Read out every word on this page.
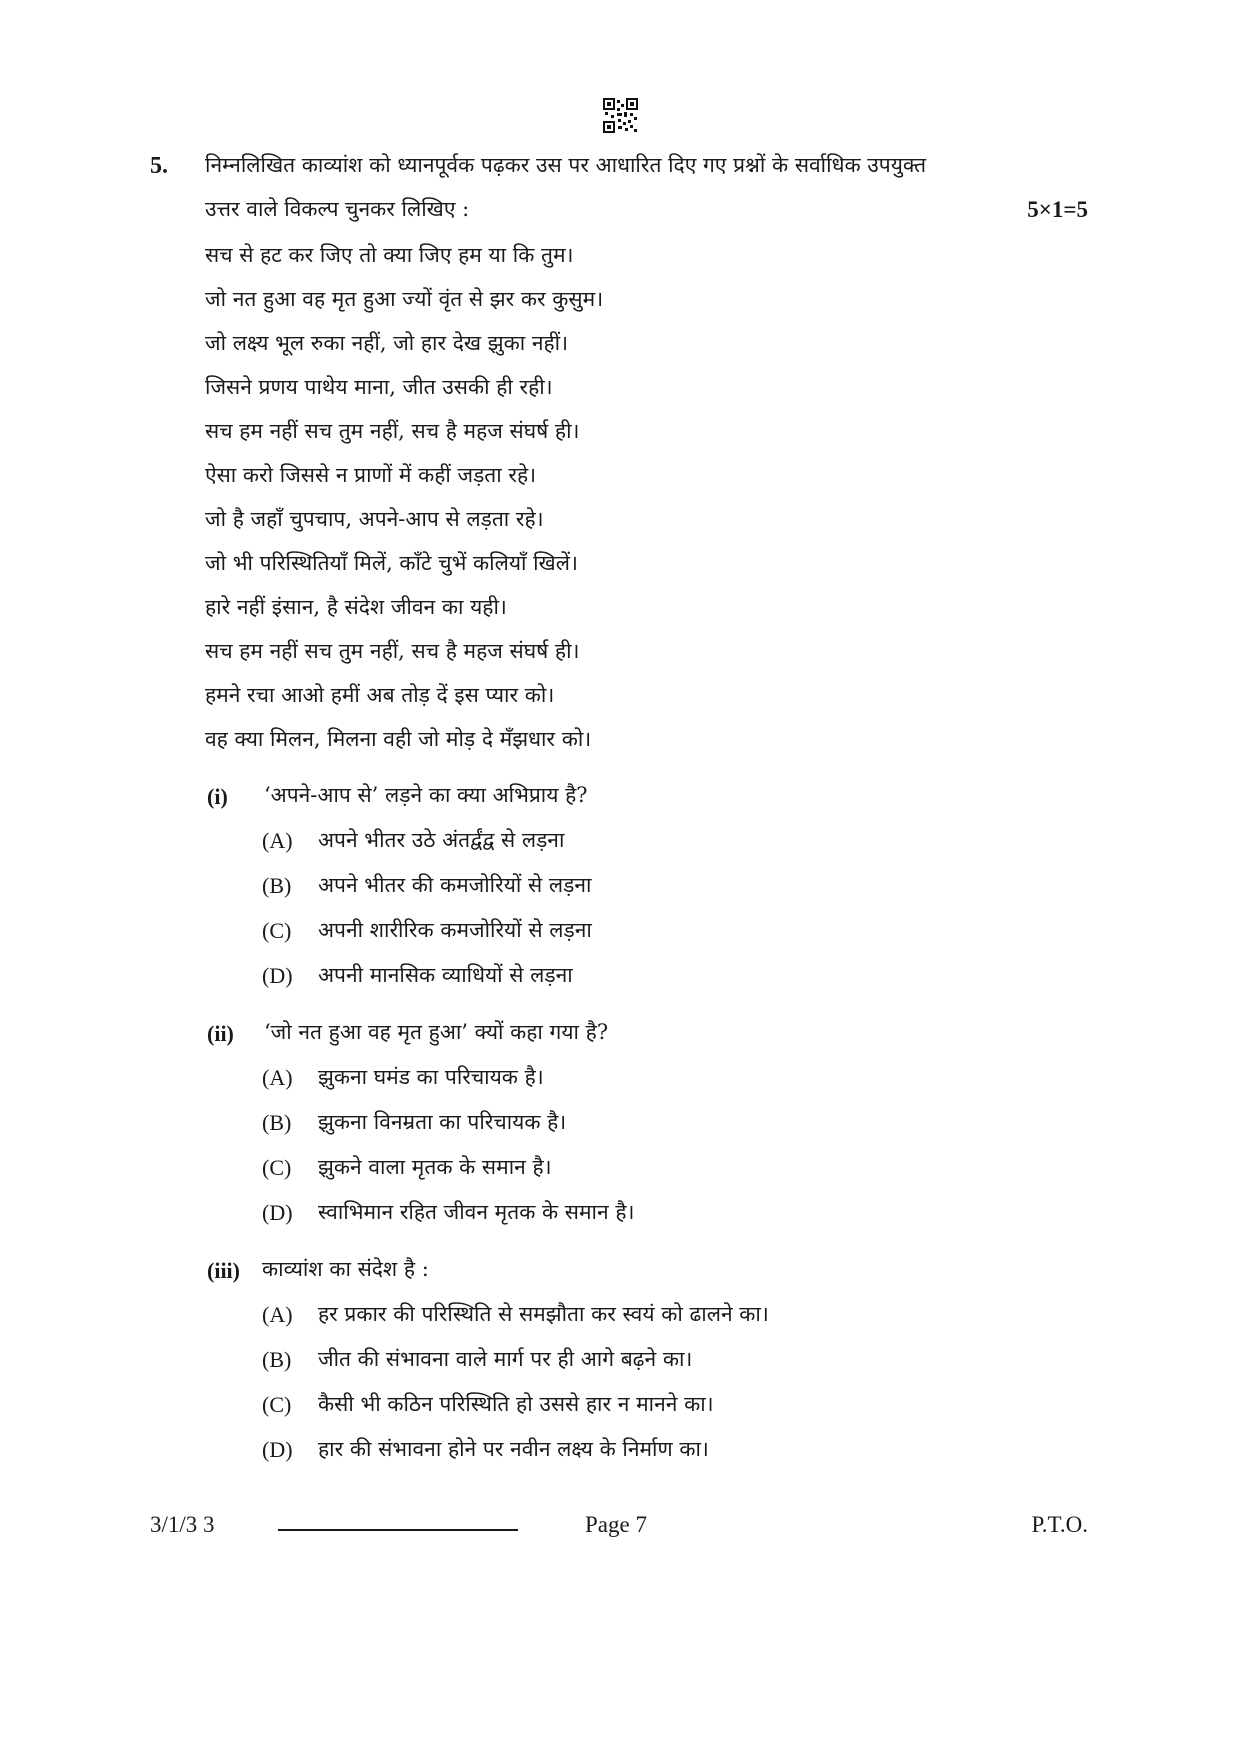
5. निम्नलिखित काव्यांश को ध्यानपूर्वक पढ़कर उस पर आधारित दिए गए प्रश्नों के सर्वाधिक उपयुक्त
उत्तर वाले विकल्प चुनकर लिखिए :	5×1=5
सच से हट कर जिए तो क्या जिए हम या कि तुम।
जो नत हुआ वह मृत हुआ ज्यों वृंत से झर कर कुसुम।
जो लक्ष्य भूल रुका नहीं, जो हार देख झुका नहीं।
जिसने प्रणय पाथेय माना, जीत उसकी ही रही।
सच हम नहीं सच तुम नहीं, सच है महज संघर्ष ही।
ऐसा करो जिससे न प्राणों में कहीं जड़ता रहे।
जो है जहाँ चुपचाप, अपने-आप से लड़ता रहे।
जो भी परिस्थितियाँ मिलें, काँटे चुभें कलियाँ खिलें।
हारे नहीं इंसान, है संदेश जीवन का यही।
सच हम नहीं सच तुम नहीं, सच है महज संघर्ष ही।
हमने रचा आओ हमीं अब तोड़ दें इस प्यार को।
वह क्या मिलन, मिलना वही जो मोड़ दे मँझधार को।
(i) ‘अपने-आप से’ लड़ने का क्या अभिप्राय है?
(A) अपने भीतर उठे अंतर्द्वंद्व से लड़ना
(B) अपने भीतर की कमजोरियों से लड़ना
(C) अपनी शारीरिक कमजोरियों से लड़ना
(D) अपनी मानसिक व्याधियों से लड़ना
(ii) ‘जो नत हुआ वह मृत हुआ’ क्यों कहा गया है?
(A) झुकना घमंड का परिचायक है।
(B) झुकना विनम्रता का परिचायक है।
(C) झुकने वाला मृतक के समान है।
(D) स्वाभिमान रहित जीवन मृतक के समान है।
(iii) काव्यांश का संदेश है :
(A) हर प्रकार की परिस्थिति से समझौता कर स्वयं को ढालने का।
(B) जीत की संभावना वाले मार्ग पर ही आगे बढ़ने का।
(C) कैसी भी कठिन परिस्थिति हो उससे हार न मानने का।
(D) हार की संभावना होने पर नवीन लक्ष्य के निर्माण का।
3/1/3 3	Page 7	P.T.O.
